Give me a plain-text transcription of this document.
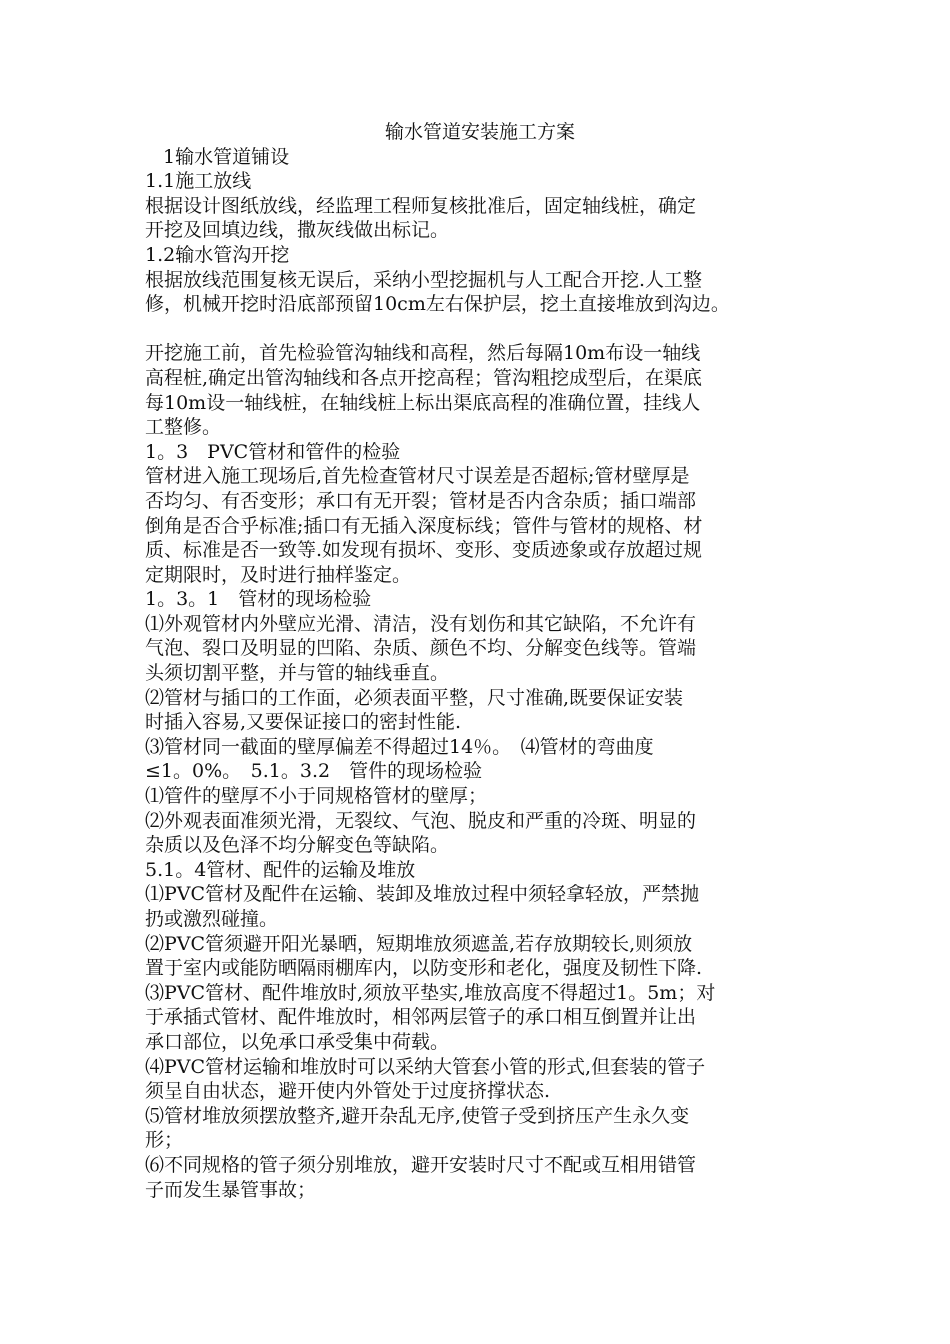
输水管道安装施工方案

1输水管道铺设

1.1施工放线

根据设计图纸放线，经监理工程师复核批准后，固定轴线桩，确定

开挖及回填边线，撒灰线做出标记。

1.2输水管沟开挖

根据放线范围复核无误后，采纳小型挖掘机与人工配合开挖.人工整

修，机械开挖时沿底部预留10cm左右保护层，挖土直接堆放到沟边。

开挖施工前，首先检验管沟轴线和高程，然后每隔10m布设一轴线

高程桩,确定出管沟轴线和各点开挖高程；管沟粗挖成型后，在渠底

每10m设一轴线桩，在轴线桩上标出渠底高程的准确位置，挂线人

工整修。

1。3　PVC管材和管件的检验

管材进入施工现场后,首先检查管材尺寸误差是否超标;管材壁厚是

否均匀、有否变形；承口有无开裂；管材是否内含杂质；插口端部

倒角是否合乎标准;插口有无插入深度标线；管件与管材的规格、材

质、标准是否一致等.如发现有损坏、变形、变质迹象或存放超过规

定期限时，及时进行抽样鉴定。

1。3。1　管材的现场检验

⑴外观管材内外壁应光滑、清洁，没有划伤和其它缺陷，不允许有

气泡、裂口及明显的凹陷、杂质、颜色不均、分解变色线等。管端

头须切割平整，并与管的轴线垂直。

⑵管材与插口的工作面，必须表面平整，尺寸准确,既要保证安装

时插入容易,又要保证接口的密封性能.

⑶管材同一截面的壁厚偏差不得超过14％。　⑷管材的弯曲度

≤1。0%。　5.1。3.2　管件的现场检验

⑴管件的壁厚不小于同规格管材的壁厚；

⑵外观表面准须光滑，无裂纹、气泡、脱皮和严重的冷斑、明显的

杂质以及色泽不均分解变色等缺陷。

5.1。4管材、配件的运输及堆放

⑴PVC管材及配件在运输、装卸及堆放过程中须轻拿轻放，严禁抛

扔或激烈碰撞。

⑵PVC管须避开阳光暴晒，短期堆放须遮盖,若存放期较长,则须放

置于室内或能防晒隔雨棚库内，以防变形和老化，强度及韧性下降.

⑶PVC管材、配件堆放时,须放平垫实,堆放高度不得超过1。5m；对

于承插式管材、配件堆放时，相邻两层管子的承口相互倒置并让出

承口部位，以免承口承受集中荷载。

⑷PVC管材运输和堆放时可以采纳大管套小管的形式,但套装的管子

须呈自由状态，避开使内外管处于过度挤撑状态.

⑸管材堆放须摆放整齐,避开杂乱无序,使管子受到挤压产生永久变

形；

⑹不同规格的管子须分别堆放，避开安装时尺寸不配或互相用错管

子而发生暴管事故；
